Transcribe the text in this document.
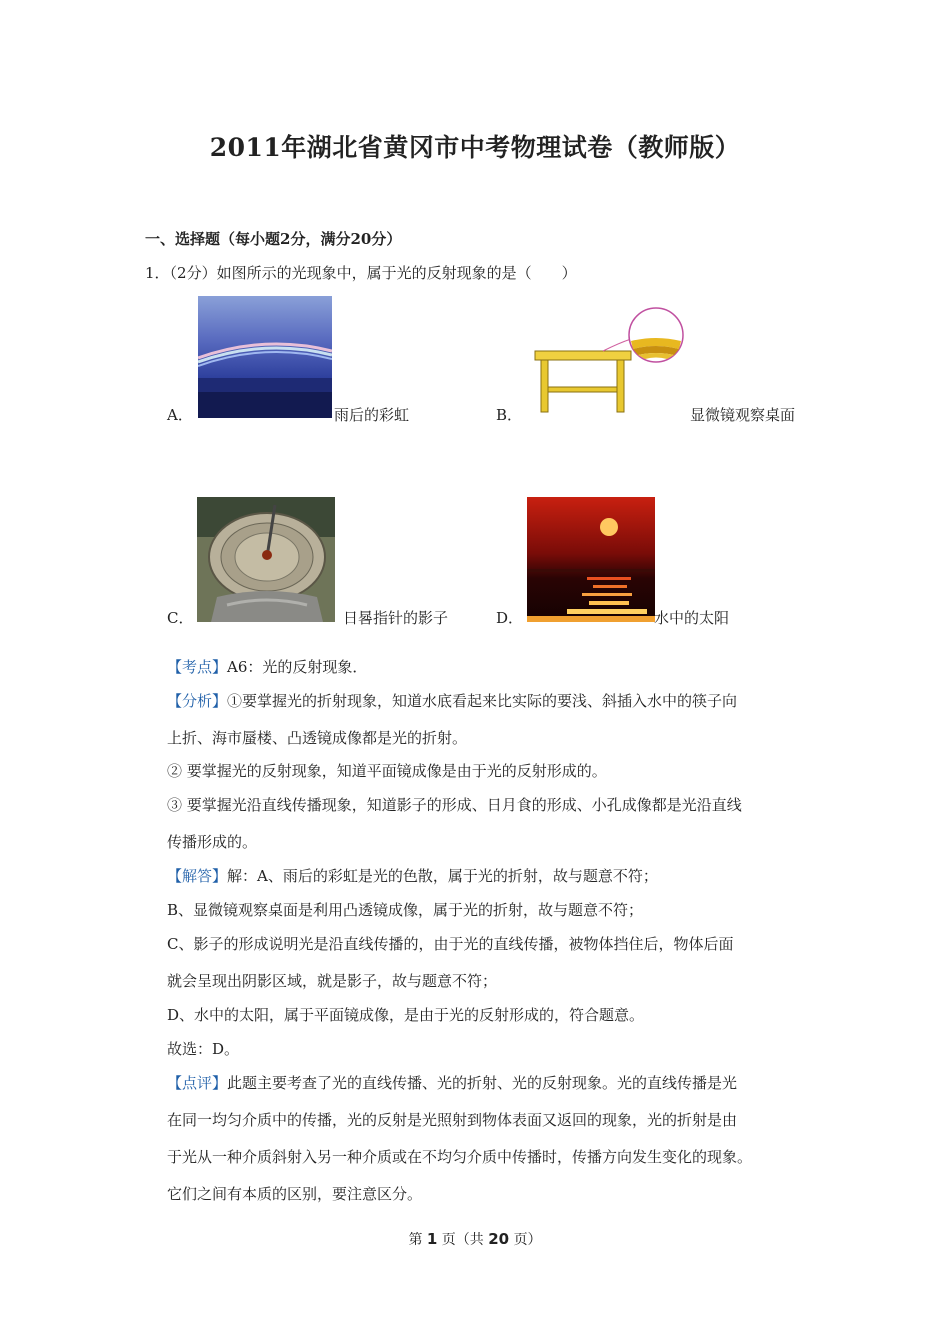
2011年湖北省黄冈市中考物理试卷（教师版）
一、选择题（每小题2分，满分20分）
1．（2分）如图所示的光现象中，属于光的反射现象的是（　　）
A．	雨后的彩虹	B．	显微镜观察桌面
C．	日晷指针的影子	D．	水中的太阳
【考点】A6：光的反射现象．
【分析】①要掌握光的折射现象，知道水底看起来比实际的要浅、斜插入水中的筷子向
上折、海市蜃楼、凸透镜成像都是光的折射。
② 要掌握光的反射现象，知道平面镜成像是由于光的反射形成的。
③ 要掌握光沿直线传播现象，知道影子的形成、日月食的形成、小孔成像都是光沿直线
传播形成的。
【解答】解：A、雨后的彩虹是光的色散，属于光的折射，故与题意不符；
B、显微镜观察桌面是利用凸透镜成像，属于光的折射，故与题意不符；
C、影子的形成说明光是沿直线传播的，由于光的直线传播，被物体挡住后，物体后面
就会呈现出阴影区域，就是影子，故与题意不符；
D、水中的太阳，属于平面镜成像，是由于光的反射形成的，符合题意。
故选：D。
【点评】此题主要考查了光的直线传播、光的折射、光的反射现象。光的直线传播是光
在同一均匀介质中的传播，光的反射是光照射到物体表面又返回的现象，光的折射是由
于光从一种介质斜射入另一种介质或在不均匀介质中传播时，传播方向发生变化的现象。
它们之间有本质的区别，要注意区分。
第 1 页（共 20 页）
